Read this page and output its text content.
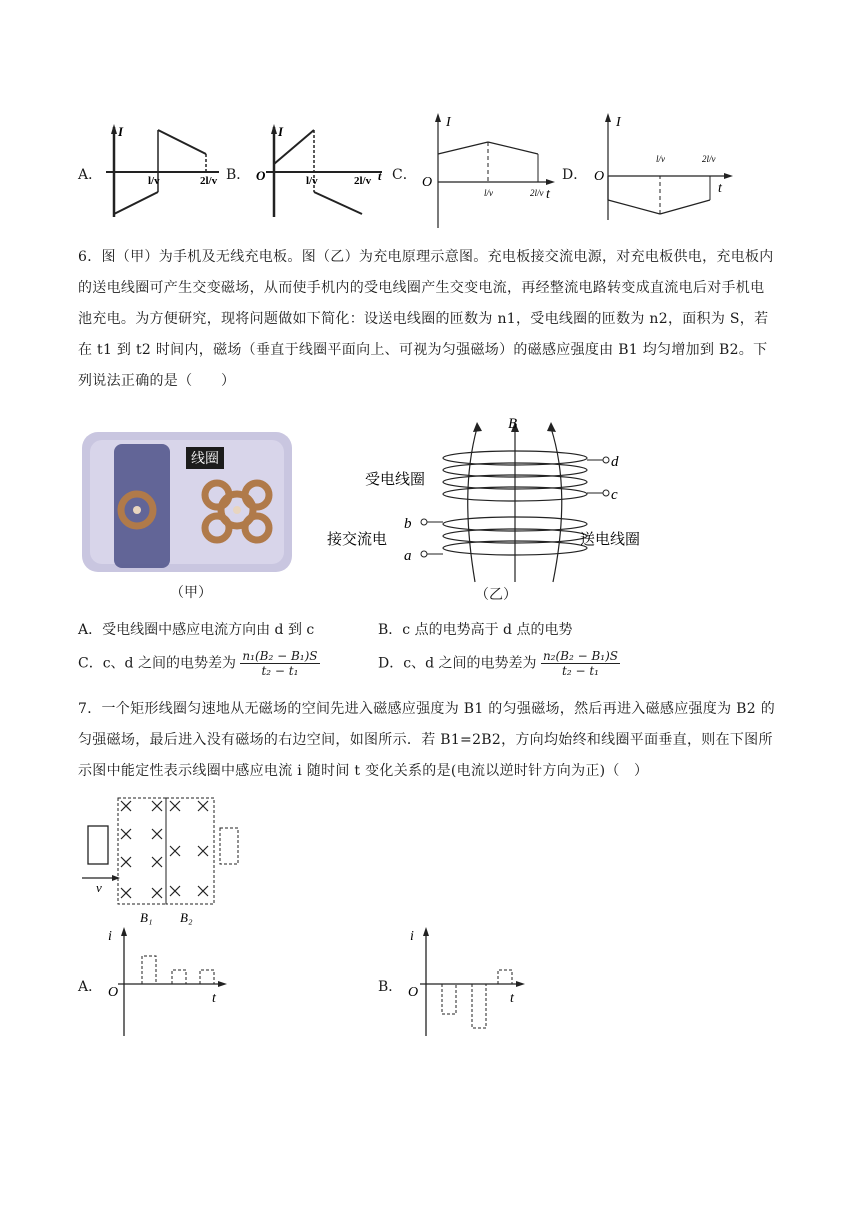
A．
I
l/v	2l/v B．
I
O	l/v	2l/v t C．
I
O
l/v	2l/v t
D．
I
O
l/v	2l/v
t
6．图（甲）为手机及无线充电板。图（乙）为充电原理示意图。充电板接交流电源，对充电板供电，充电板内的送电线圈可产生交变磁场，从而使手机内的受电线圈产生交变电流，再经整流电路转变成直流电后对手机电池充电。为方便研究，现将问题做如下简化：设送电线圈的匝数为 n1，受电线圈的匝数为 n2，面积为 S，若在 t1 到 t2 时间内，磁场（垂直于线圈平面向上、可视为匀强磁场）的磁感应强度由 B1 均匀增加到 B2。下列说法正确的是（　　）
线圈
（甲）
B
d
c
受电线圈
b
a
接交流电	送电线圈
（乙）
A．受电线圈中感应电流方向由 d 到 c	B．c 点的电势高于 d 点的电势
C．c、d 之间的电势差为 $\frac{\text{n₁(B₂ − B₁)S}}{\text{t₂ − t₁}}$	D．c、d 之间的电势差为 $\frac{\text{n₂(B₂ − B₁)S}}{\text{t₂ − t₁}}$
7．一个矩形线圈匀速地从无磁场的空间先进入磁感应强度为 B1 的匀强磁场，然后再进入磁感应强度为 B2 的匀强磁场，最后进入没有磁场的右边空间，如图所示．若 B1=2B2，方向均始终和线圈平面垂直，则在下图所示图中能定性表示线圈中感应电流 i 随时间 t 变化关系的是(电流以逆时针方向为正)（　）
v
B₁ B₂
A．
i
O	t
B．
i
O	t
